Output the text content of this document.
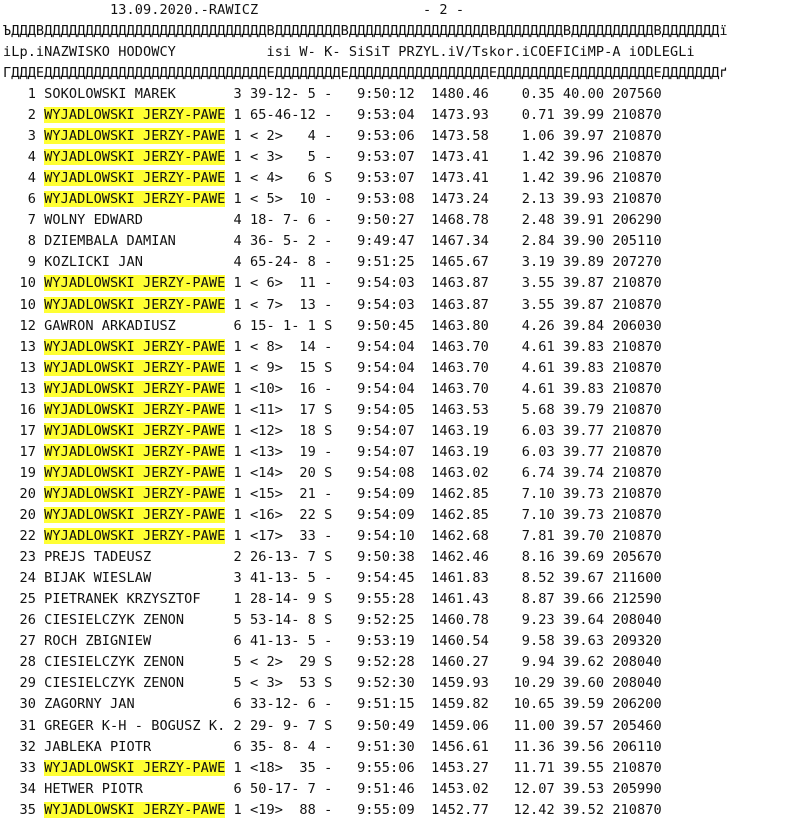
13.09.2020.-RAWICZ                    - 2 -
ЪДДДВДДДДДДДДДДДДДДДДДДДДДДДДДДДВДДДДДДДДВДДДДДДДДДДДДДДДДДВДДДДДДДДВДДДДДДДДДДВДДДДДДДї
іLp.іNAZWISKO HODOWCY           isi W- K- SiSiT PRZYL.iV/Tskor.iCOEFICiMP-A iODLEGLі
ГДДДЕДДДДДДДДДДДДДДДДДДДДДДДДДДДЕДДДДДДДДЕДДДДДДДДДДДДДДДДДЕДДДДДДДДЕДДДДДДДДДДЕДДДДДДДґ
1 SOKOLOWSKI MAREK       3 39-12- 5 -   9:50:12  1480.46    0.35 40.00 207560
2 WYJADLOWSKI JERZY-PAWE 1 65-46-12 -   9:53:04  1473.93    0.71 39.99 210870
3 WYJADLOWSKI JERZY-PAWE 1 < 2>   4 -   9:53:06  1473.58    1.06 39.97 210870
4 WYJADLOWSKI JERZY-PAWE 1 < 3>   5 -   9:53:07  1473.41    1.42 39.96 210870
4 WYJADLOWSKI JERZY-PAWE 1 < 4>   6 S   9:53:07  1473.41    1.42 39.96 210870
6 WYJADLOWSKI JERZY-PAWE 1 < 5>  10 -   9:53:08  1473.24    2.13 39.93 210870
7 WOLNY EDWARD           4 18- 7- 6 -   9:50:27  1468.78    2.48 39.91 206290
8 DZIEMBALA DAMIAN       4 36- 5- 2 -   9:49:47  1467.34    2.84 39.90 205110
9 KOZLICKI JAN           4 65-24- 8 -   9:51:25  1465.67    3.19 39.89 207270
10 WYJADLOWSKI JERZY-PAWE 1 < 6>  11 -   9:54:03  1463.87    3.55 39.87 210870
10 WYJADLOWSKI JERZY-PAWE 1 < 7>  13 -   9:54:03  1463.87    3.55 39.87 210870
12 GAWRON ARKADIUSZ       6 15- 1- 1 S   9:50:45  1463.80    4.26 39.84 206030
13 WYJADLOWSKI JERZY-PAWE 1 < 8>  14 -   9:54:04  1463.70    4.61 39.83 210870
13 WYJADLOWSKI JERZY-PAWE 1 < 9>  15 S   9:54:04  1463.70    4.61 39.83 210870
13 WYJADLOWSKI JERZY-PAWE 1 <10>  16 -   9:54:04  1463.70    4.61 39.83 210870
16 WYJADLOWSKI JERZY-PAWE 1 <11>  17 S   9:54:05  1463.53    5.68 39.79 210870
17 WYJADLOWSKI JERZY-PAWE 1 <12>  18 S   9:54:07  1463.19    6.03 39.77 210870
17 WYJADLOWSKI JERZY-PAWE 1 <13>  19 -   9:54:07  1463.19    6.03 39.77 210870
19 WYJADLOWSKI JERZY-PAWE 1 <14>  20 S   9:54:08  1463.02    6.74 39.74 210870
20 WYJADLOWSKI JERZY-PAWE 1 <15>  21 -   9:54:09  1462.85    7.10 39.73 210870
20 WYJADLOWSKI JERZY-PAWE 1 <16>  22 S   9:54:09  1462.85    7.10 39.73 210870
22 WYJADLOWSKI JERZY-PAWE 1 <17>  33 -   9:54:10  1462.68    7.81 39.70 210870
23 PREJS TADEUSZ          2 26-13- 7 S   9:50:38  1462.46    8.16 39.69 205670
24 BIJAK WIESLAW          3 41-13- 5 -   9:54:45  1461.83    8.52 39.67 211600
25 PIETRANEK KRZYSZTOF    1 28-14- 9 S   9:55:28  1461.43    8.87 39.66 212590
26 CIESIELCZYK ZENON      5 53-14- 8 S   9:52:25  1460.78    9.23 39.64 208040
27 ROCH ZBIGNIEW          6 41-13- 5 -   9:53:19  1460.54    9.58 39.63 209320
28 CIESIELCZYK ZENON      5 < 2>  29 S   9:52:28  1460.27    9.94 39.62 208040
29 CIESIELCZYK ZENON      5 < 3>  53 S   9:52:30  1459.93   10.29 39.60 208040
30 ZAGORNY JAN            6 33-12- 6 -   9:51:15  1459.82   10.65 39.59 206200
31 GREGER K-H - BOGUSZ K. 2 29- 9- 7 S   9:50:49  1459.06   11.00 39.57 205460
32 JABLEKA PIOTR          6 35- 8- 4 -   9:51:30  1456.61   11.36 39.56 206110
33 WYJADLOWSKI JERZY-PAWE 1 <18>  35 -   9:55:06  1453.27   11.71 39.55 210870
34 HETWER PIOTR           6 50-17- 7 -   9:51:46  1453.02   12.07 39.53 205990
35 WYJADLOWSKI JERZY-PAWE 1 <19>  88 -   9:55:09  1452.77   12.42 39.52 210870
